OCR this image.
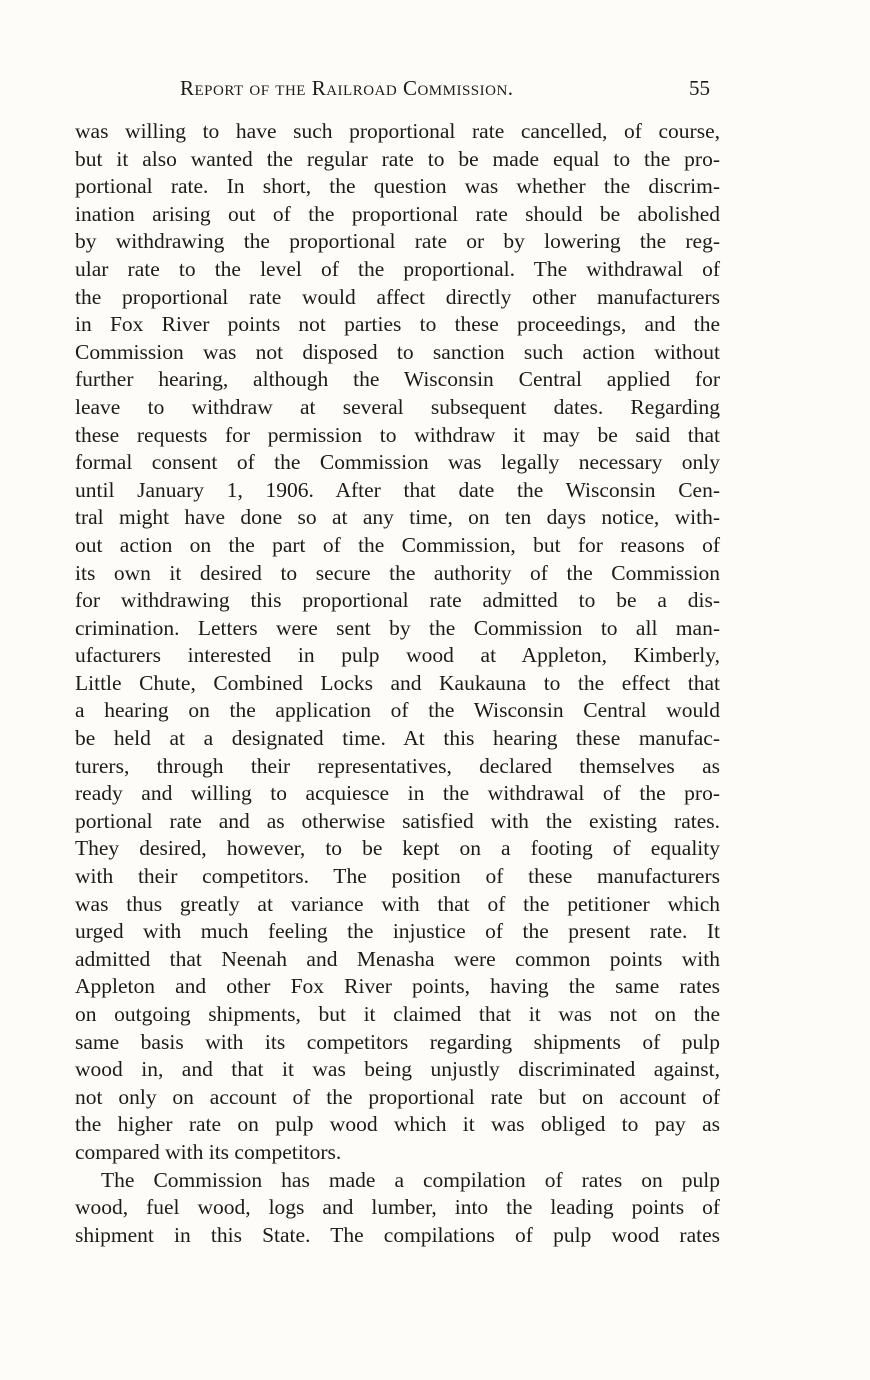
Report of the Railroad Commission.	55
was willing to have such proportional rate cancelled, of course,
but it also wanted the regular rate to be made equal to the pro-
portional rate. In short, the question was whether the discrim-
ination arising out of the proportional rate should be abolished
by withdrawing the proportional rate or by lowering the reg-
ular rate to the level of the proportional. The withdrawal of
the proportional rate would affect directly other manufacturers
in Fox River points not parties to these proceedings, and the
Commission was not disposed to sanction such action without
further hearing, although the Wisconsin Central applied for
leave to withdraw at several subsequent dates. Regarding
these requests for permission to withdraw it may be said that
formal consent of the Commission was legally necessary only
until January 1, 1906. After that date the Wisconsin Cen-
tral might have done so at any time, on ten days notice, with-
out action on the part of the Commission, but for reasons of
its own it desired to secure the authority of the Commission
for withdrawing this proportional rate admitted to be a dis-
crimination. Letters were sent by the Commission to all man-
ufacturers interested in pulp wood at Appleton, Kimberly,
Little Chute, Combined Locks and Kaukauna to the effect that
a hearing on the application of the Wisconsin Central would
be held at a designated time. At this hearing these manufac-
turers, through their representatives, declared themselves as
ready and willing to acquiesce in the withdrawal of the pro-
portional rate and as otherwise satisfied with the existing rates.
They desired, however, to be kept on a footing of equality
with their competitors. The position of these manufacturers
was thus greatly at variance with that of the petitioner which
urged with much feeling the injustice of the present rate. It
admitted that Neenah and Menasha were common points with
Appleton and other Fox River points, having the same rates
on outgoing shipments, but it claimed that it was not on the
same basis with its competitors regarding shipments of pulp
wood in, and that it was being unjustly discriminated against,
not only on account of the proportional rate but on account of
the higher rate on pulp wood which it was obliged to pay as
compared with its competitors.
The Commission has made a compilation of rates on pulp
wood, fuel wood, logs and lumber, into the leading points of
shipment in this State. The compilations of pulp wood rates
